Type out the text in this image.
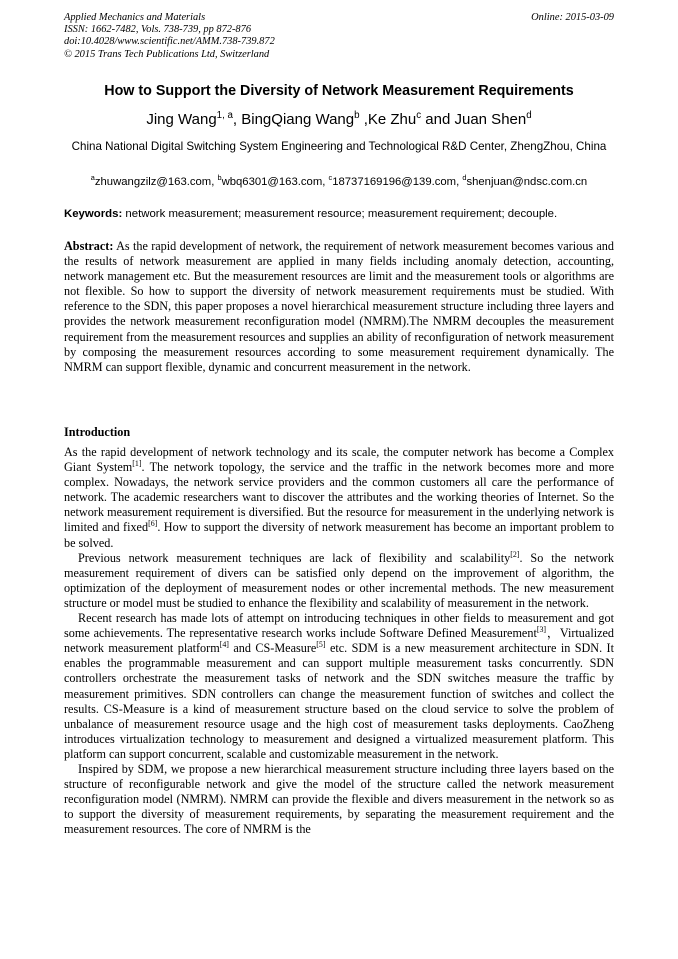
Applied Mechanics and Materials
ISSN: 1662-7482, Vols. 738-739, pp 872-876
doi:10.4028/www.scientific.net/AMM.738-739.872
© 2015 Trans Tech Publications Ltd, Switzerland
Online: 2015-03-09
How to Support the Diversity of Network Measurement Requirements
Jing Wang$^{1, a}$, BingQiang Wang$^b$ ,Ke Zhu$^c$ and Juan Shen$^d$
China National Digital Switching System Engineering and Technological R&D Center, ZhengZhou, China
$^a$zhuwangzilz@163.com, $^b$wbq6301@163.com, $^c$18737169196@139.com, $^d$shenjuan@ndsc.com.cn
Keywords: network measurement; measurement resource; measurement requirement; decouple.
Abstract: As the rapid development of network, the requirement of network measurement becomes various and the results of network measurement are applied in many fields including anomaly detection, accounting, network management etc. But the measurement resources are limit and the measurement tools or algorithms are not flexible. So how to support the diversity of network measurement requirements must be studied. With reference to the SDN, this paper proposes a novel hierarchical measurement structure including three layers and provides the network measurement reconfiguration model (NMRM).The NMRM decouples the measurement requirement from the measurement resources and supplies an ability of reconfiguration of network measurement by composing the measurement resources according to some measurement requirement dynamically. The NMRM can support flexible, dynamic and concurrent measurement in the network.
Introduction

As the rapid development of network technology and its scale, the computer network has become a Complex Giant System[1]. The network topology, the service and the traffic in the network becomes more and more complex. Nowadays, the network service providers and the common customers all care the performance of network. The academic researchers want to discover the attributes and the working theories of Internet. So the network measurement requirement is diversified. But the resource for measurement in the underlying network is limited and fixed[6]. How to support the diversity of network measurement has become an important problem to be solved.

Previous network measurement techniques are lack of flexibility and scalability[2]. So the network measurement requirement of divers can be satisfied only depend on the improvement of algorithm, the optimization of the deployment of measurement nodes or other incremental methods. The new measurement structure or model must be studied to enhance the flexibility and scalability of measurement in the network.

Recent research has made lots of attempt on introducing techniques in other fields to measurement and got some achievements. The representative research works include Software Defined Measurement[3]，Virtualized network measurement platform[4] and CS-Measure[5] etc. SDM is a new measurement architecture in SDN. It enables the programmable measurement and can support multiple measurement tasks concurrently. SDN controllers orchestrate the measurement tasks of network and the SDN switches measure the traffic by measurement primitives. SDN controllers can change the measurement function of switches and collect the results. CS-Measure is a kind of measurement structure based on the cloud service to solve the problem of unbalance of measurement resource usage and the high cost of measurement tasks deployments. CaoZheng introduces virtualization technology to measurement and designed a virtualized measurement platform. This platform can support concurrent, scalable and customizable measurement in the network.

Inspired by SDM, we propose a new hierarchical measurement structure including three layers based on the structure of reconfigurable network and give the model of the structure called the network measurement reconfiguration model (NMRM). NMRM can provide the flexible and divers measurement in the network so as to support the diversity of measurement requirements, by separating the measurement requirement and the measurement resources. The core of NMRM is the
